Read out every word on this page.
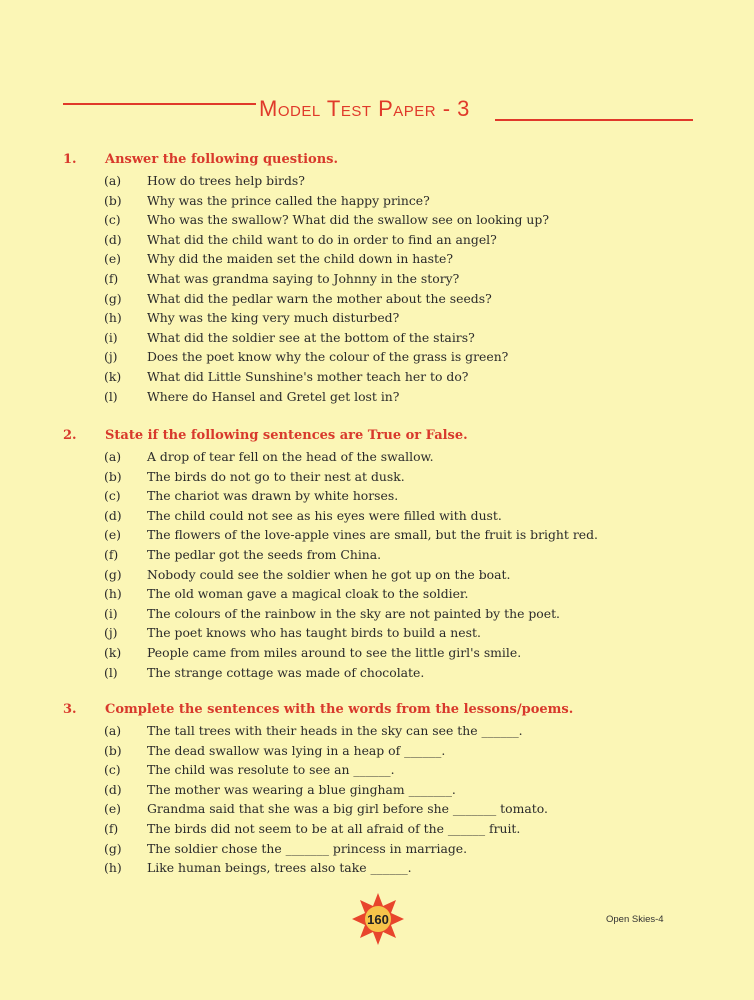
Model Test Paper - 3
1. Answer the following questions.
(a) How do trees help birds?
(b) Why was the prince called the happy prince?
(c) Who was the swallow? What did the swallow see on looking up?
(d) What did the child want to do in order to find an angel?
(e) Why did the maiden set the child down in haste?
(f) What was grandma saying to Johnny in the story?
(g) What did the pedlar warn the mother about the seeds?
(h) Why was the king very much disturbed?
(i) What did the soldier see at the bottom of the stairs?
(j) Does the poet know why the colour of the grass is green?
(k) What did Little Sunshine's mother teach her to do?
(l) Where do Hansel and Gretel get lost in?
2. State if the following sentences are True or False.
(a) A drop of tear fell on the head of the swallow.
(b) The birds do not go to their nest at dusk.
(c) The chariot was drawn by white horses.
(d) The child could not see as his eyes were filled with dust.
(e) The flowers of the love-apple vines are small, but the fruit is bright red.
(f) The pedlar got the seeds from China.
(g) Nobody could see the soldier when he got up on the boat.
(h) The old woman gave a magical cloak to the soldier.
(i) The colours of the rainbow in the sky are not painted by the poet.
(j) The poet knows who has taught birds to build a nest.
(k) People came from miles around to see the little girl's smile.
(l) The strange cottage was made of chocolate.
3. Complete the sentences with the words from the lessons/poems.
(a) The tall trees with their heads in the sky can see the ______.
(b) The dead swallow was lying in a heap of ______.
(c) The child was resolute to see an ______.
(d) The mother was wearing a blue gingham _______.
(e) Grandma said that she was a big girl before she _______ tomato.
(f) The birds did not seem to be at all afraid of the ______ fruit.
(g) The soldier chose the _______ princess in marriage.
(h) Like human beings, trees also take ______.
160	Open Skies-4
